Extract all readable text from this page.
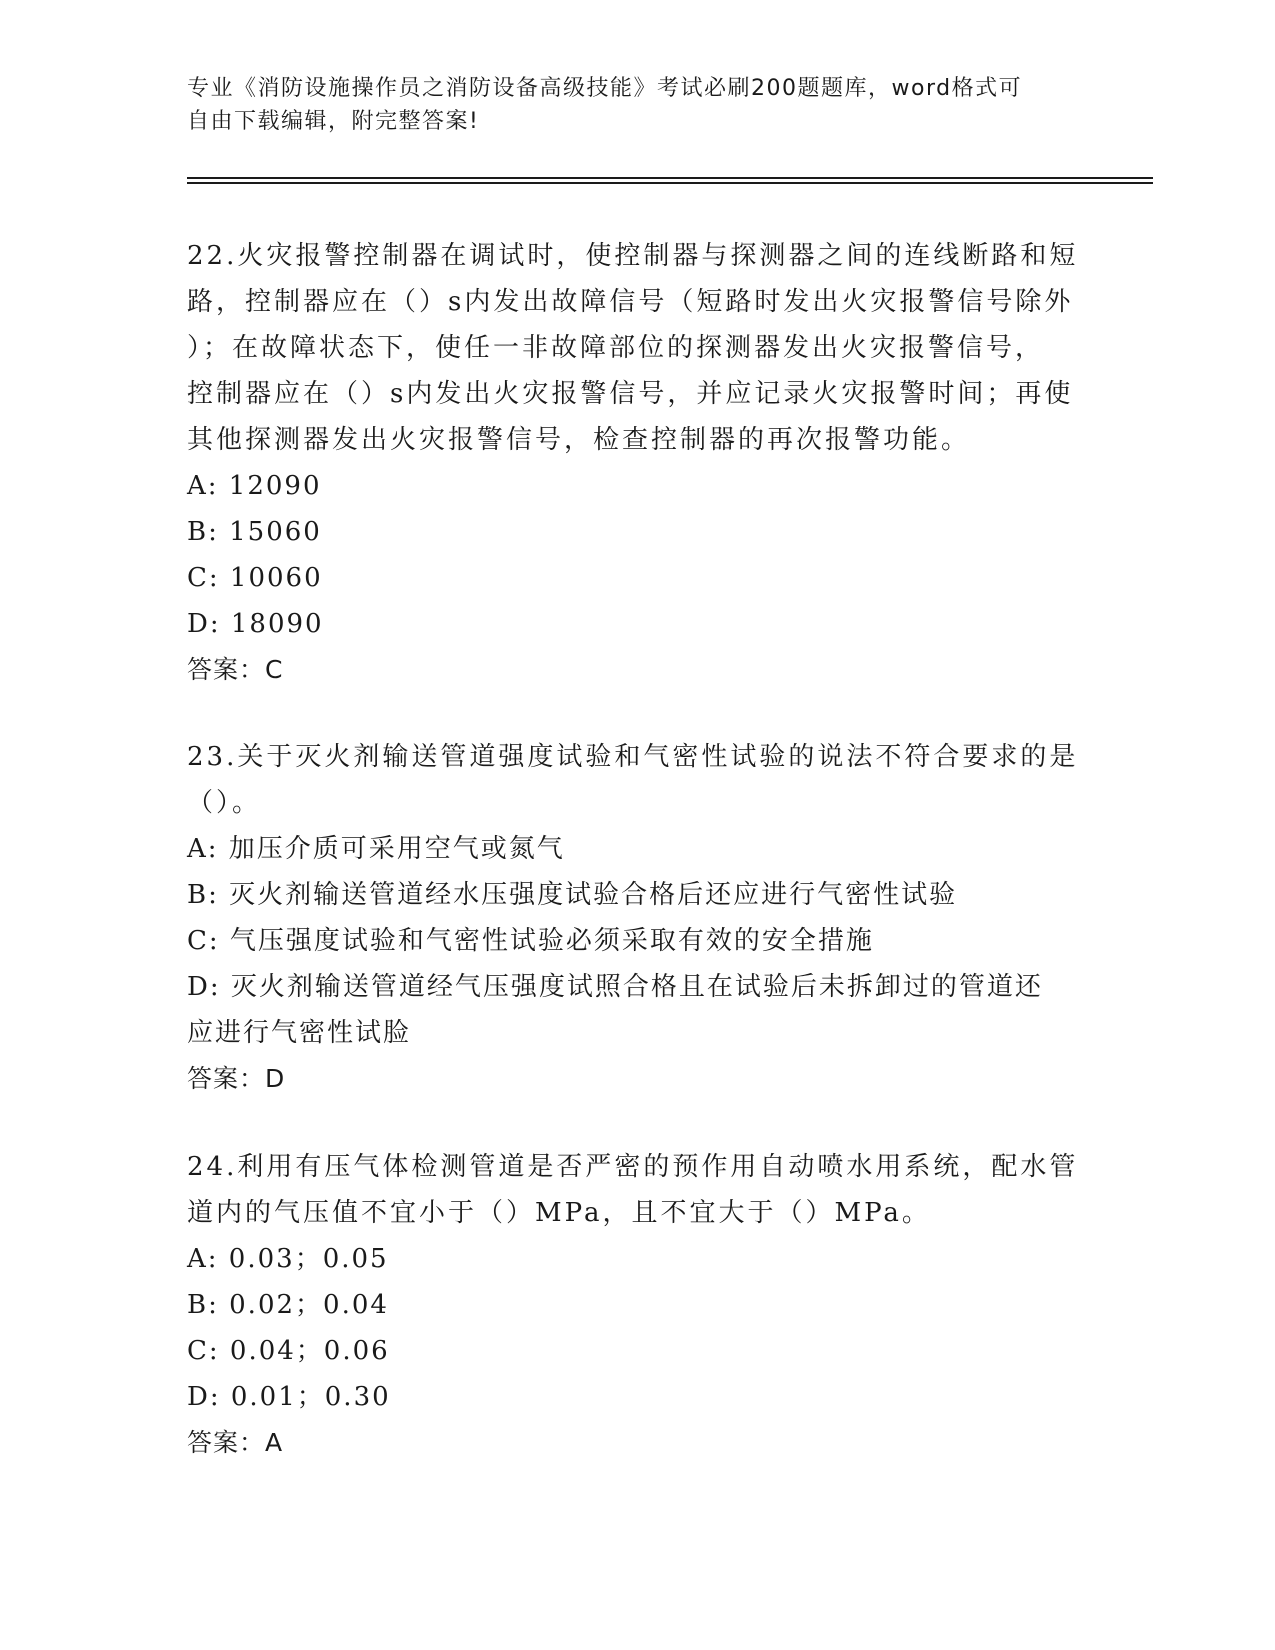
专业《消防设施操作员之消防设备高级技能》考试必刷200题题库，word格式可
自由下载编辑，附完整答案!

22.火灾报警控制器在调试时，使控制器与探测器之间的连线断路和短

路，控制器应在（）s内发出故障信号（短路时发出火灾报警信号除外

）；在故障状态下，使任一非故障部位的探测器发出火灾报警信号，

控制器应在（）s内发出火灾报警信号，并应记录火灾报警时间；再使

其他探测器发出火灾报警信号，检查控制器的再次报警功能。

A: 12090

B: 15060

C: 10060

D: 18090

答案：C

23.关于灭火剂输送管道强度试验和气密性试验的说法不符合要求的是

（）。

A: 加压介质可采用空气或氮气

B: 灭火剂输送管道经水压强度试验合格后还应进行气密性试验

C: 气压强度试验和气密性试验必须采取有效的安全措施

D: 灭火剂输送管道经气压强度试照合格且在试验后未拆卸过的管道还

应进行气密性试脸

答案：D

24.利用有压气体检测管道是否严密的预作用自动喷水用系统，配水管

道内的气压值不宜小于（）MPa，且不宜大于（）MPa。

A: 0.03；0.05

B: 0.02；0.04

C: 0.04；0.06

D: 0.01；0.30

答案：A
